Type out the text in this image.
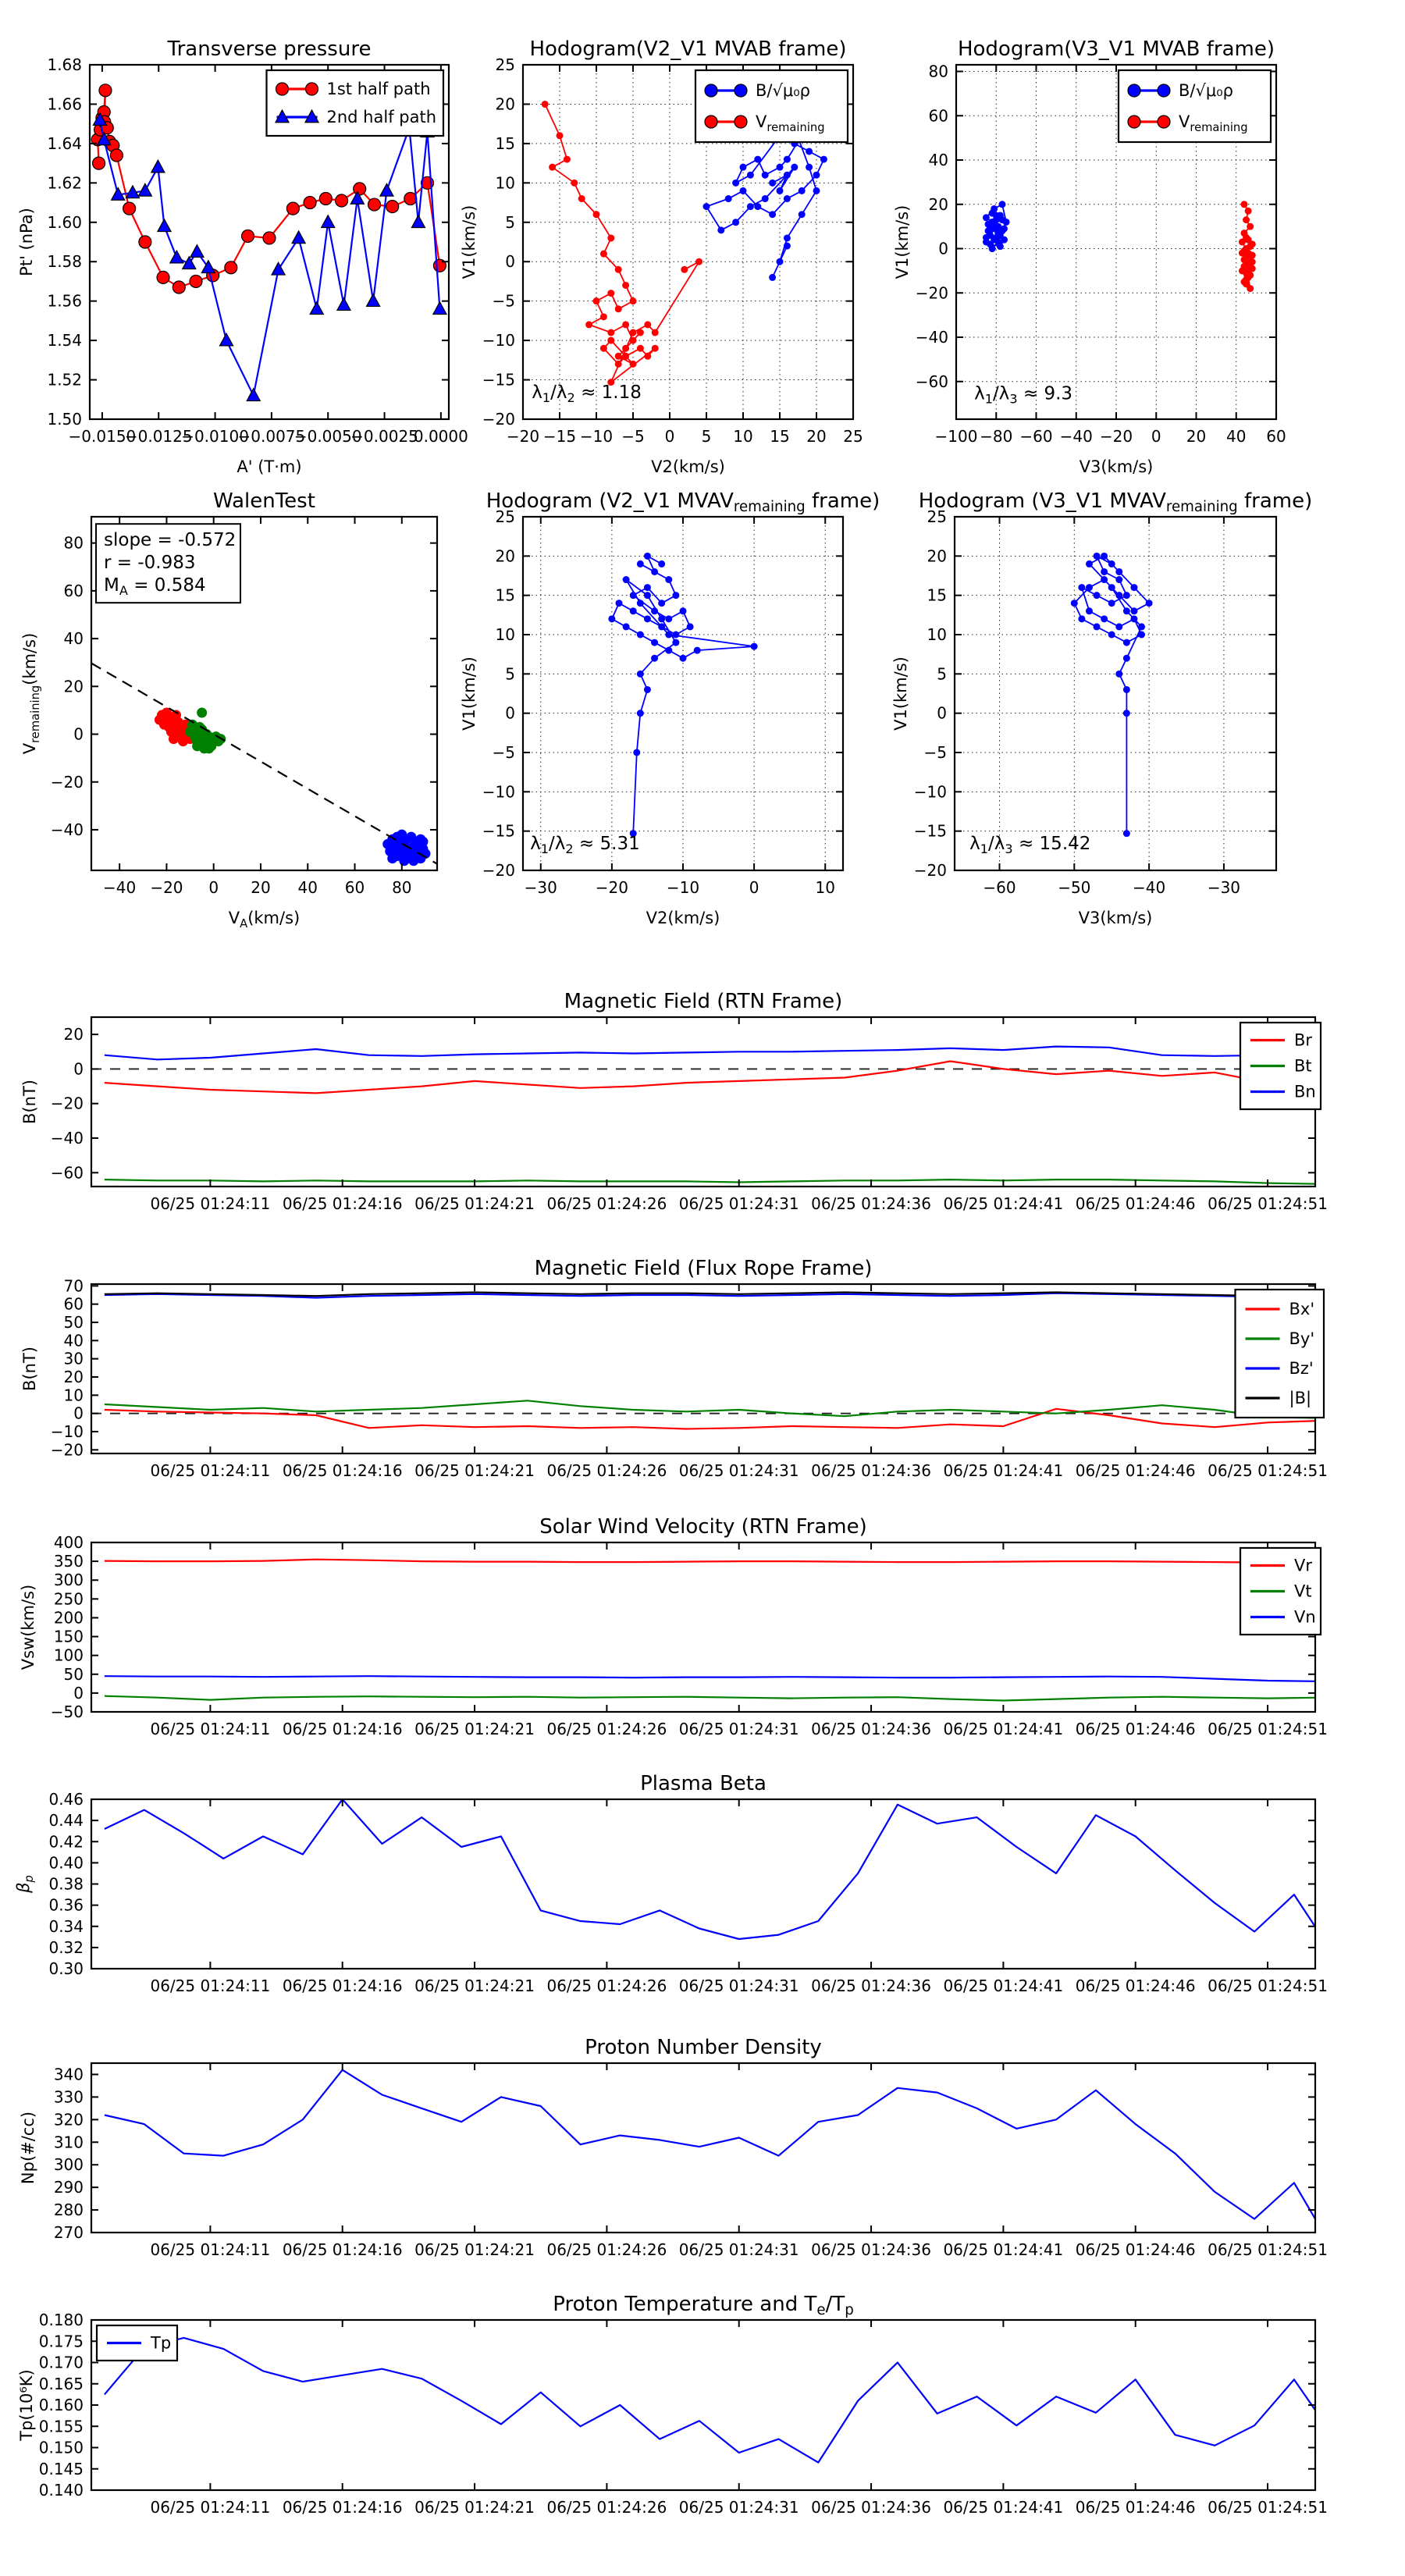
−0.0150
−0.0125
−0.0100
−0.0075
−0.0050
−0.0025
0.0000
1.50
1.52
1.54
1.56
1.58
1.60
1.62
1.64
1.66
1.68
Transverse pressure
A' (T·m)
Pt' (nPa)
1st half path
2nd half path
−20 −15 −10 −5 0 5 10 15 20 25
−20
−15
−10
−5
0
5
10
15
20
25
Hodogram(V2_V1 MVAB frame)
V2(km/s)
V1(km/s)
$\lambda_1/\lambda_2 \approx 1.18$
B/√μ₀ρ
$V_{remaining}$
−100 −80 −60 −40 −20 0 20 40 60
−60
−40
−20
0
20
40
60
80
Hodogram(V3_V1 MVAB frame)
V3(km/s)
V1(km/s)
$\lambda_1/\lambda_3 \approx 9.3$
B/√μ₀ρ
$V_{remaining}$
−40 −20 0 20 40 60 80
−40
−20
0
20
40
60
80
WalenTest
$V_A(km/s)$
$V_{remaining}(km/s)$
slope = -0.572
r = -0.983
$M_A = 0.584$
−30 −20 −10	0	10
−20
−15
−10
−5
0
5
10
15
20
25
Hodogram (V2_V1 MVAVremaining frame)
V2(km/s)
V1(km/s)
$\lambda_1/\lambda_2 \approx 5.31$
−60	−50	−40	−30
−20
−15
−10
−5
0
5
10
15
20
25
Hodogram (V3_V1 MVAVremaining frame)
V3(km/s)
V1(km/s)
$\lambda_1/\lambda_3 \approx 15.42$
06/25 01:24:11 06/25 01:24:16 06/25 01:24:21 06/25 01:24:26 06/25 01:24:31 06/25 01:24:36 06/25 01:24:41 06/25 01:24:46 06/25 01:24:51
20
0
−20
−40
−60
Magnetic Field (RTN Frame)
B(nT)
Br
Bt
Bn
06/25 01:24:11 06/25 01:24:16 06/25 01:24:21 06/25 01:24:26 06/25 01:24:31 06/25 01:24:36 06/25 01:24:41 06/25 01:24:46 06/25 01:24:51
70
60
50
40
30
20
10
0
−10
−20
Magnetic Field (Flux Rope Frame)
B(nT)
Bx'
By'
Bz'
|B|
06/25 01:24:11 06/25 01:24:16 06/25 01:24:21 06/25 01:24:26 06/25 01:24:31 06/25 01:24:36 06/25 01:24:41 06/25 01:24:46 06/25 01:24:51
400
350
300
250
200
150
100
50
0
−50
Solar Wind Velocity (RTN Frame)
Vsw(km/s)
Vr
Vt
Vn
06/25 01:24:11 06/25 01:24:16 06/25 01:24:21 06/25 01:24:26 06/25 01:24:31 06/25 01:24:36 06/25 01:24:41 06/25 01:24:46 06/25 01:24:51
0.46
0.44
0.42
0.40
0.38
0.36
0.34
0.32
0.30
Plasma Beta
$\beta_p$
06/25 01:24:11 06/25 01:24:16 06/25 01:24:21 06/25 01:24:26 06/25 01:24:31 06/25 01:24:36 06/25 01:24:41 06/25 01:24:46 06/25 01:24:51
340
330
320
310
300
290
280
270
Proton Number Density
Np(#/cc)
06/25 01:24:11 06/25 01:24:16 06/25 01:24:21 06/25 01:24:26 06/25 01:24:31 06/25 01:24:36 06/25 01:24:41 06/25 01:24:46 06/25 01:24:51
0.180
0.175
0.170
0.165
0.160
0.155
0.150
0.145
0.140
Proton Temperature and Te/Tp
Tp(10⁶K)
Tp
